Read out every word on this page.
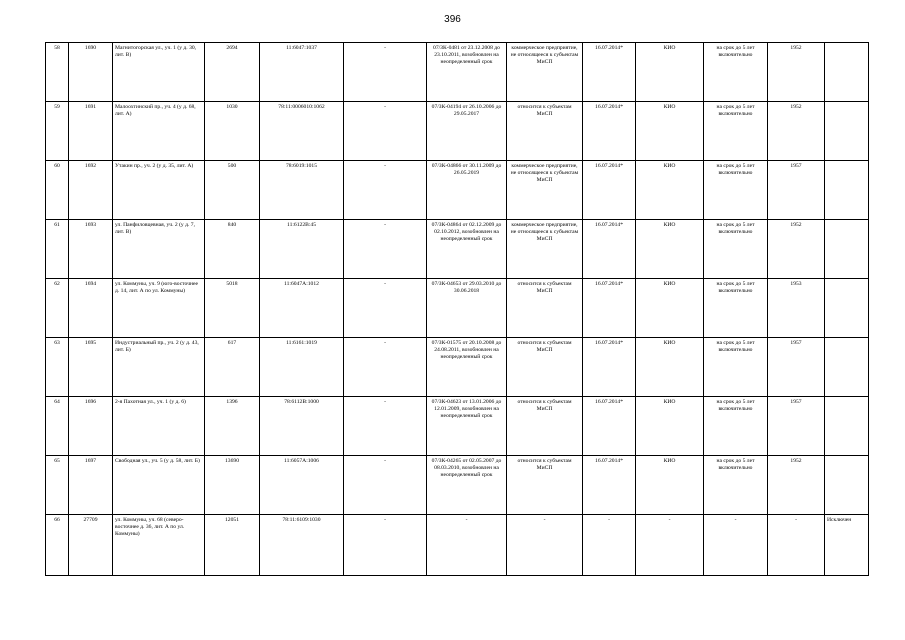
396
58	1690	Магнитогорская ул., уч. 1 (у д. 30, лит. В)	2694	11:6047:1037	-	07/ЗК-0481 от 23.12.2008 до 23.10.2011, возобновлен на неопределенный срок	коммерческое предприятие, не относящееся к субъектам МиСП	16.07.2014*	КИО	на срок до 5 лет включительно	1952	
59	1691	Малоохтинский пр., уч. 4 (у д. 68, лит. А)	1030	78:11:0006010:1062	-	07/ЗК-04194 от 26.10.2006 до 29.05.2017	относится к субъектам МиСП	16.07.2014*	КИО	на срок до 5 лет включительно	1952	
60	1692	Утакин пр., уч. 2 (у д. 35, лит. А)	500	78:6019:1015	-	07/ЗК-04866 от 30.11.2009 до 26.05.2019	коммерческое предприятие, не относящееся к субъектам МиСП	16.07.2014*	КИО	на срок до 5 лет включительно	1957	
61	1693	ул. Панфиловцевная, уч. 2 (у д. 7, лит. В)	840	11:6122В:45	-	07/ЗК-04864 от 02.12.2009 до 02.10.2012, возобновлен на неопределенный срок	коммерческое предприятие, не относящееся к субъектам МиСП	16.07.2014*	КИО	на срок до 5 лет включительно	1952	
62	1694	ул. Коммуны, уч. 9 (юго-восточнее д. 14, лит. А по ул. Коммуны)	5018	11:6047А:1012	-	07/ЗК-04653 от 29.03.2010 до 30.06.2018	относится к субъектам МиСП	16.07.2014*	КИО	на срок до 5 лет включительно	1953	
63	1695	Индустриальный пр., уч. 2 (у д. 43, лит. Б)	617	11:6161:1019	-	07/ЗК-01575 от 20.10.2008 до 24.08.2011, возобновлен на неопределенный срок	относится к субъектам МиСП	16.07.2014*	КИО	на срок до 5 лет включительно	1957	
64	1696	2-я Пахотная ул., уч. 1 (у д. 6)	1396	78:6112В:1000	-	07/ЗК-04623 от 13.01.2006 до 12.01.2009, возобновлен на неопределенный срок	относится к субъектам МиСП	16.07.2014*	КИО	на срок до 5 лет включительно	1957	
65	1697	Свободная ул., уч. 5 (у д. 58, лит. Б)	13690	11:6057А:1006	-	07/ЗК-04265 от 02.05.2007 до 08.03.2010, возобновлен на неопределенный срок	относится к субъектам МиСП	16.07.2014*	КИО	на срок до 5 лет включительно	1952	
66	27709	ул. Коммуны, уч. 68 (северо-восточнее д. 36, лит. А по ул. Коммуны)	12051	78:11:6109:1030	-	-	-	-	-	-	-	Исключен
